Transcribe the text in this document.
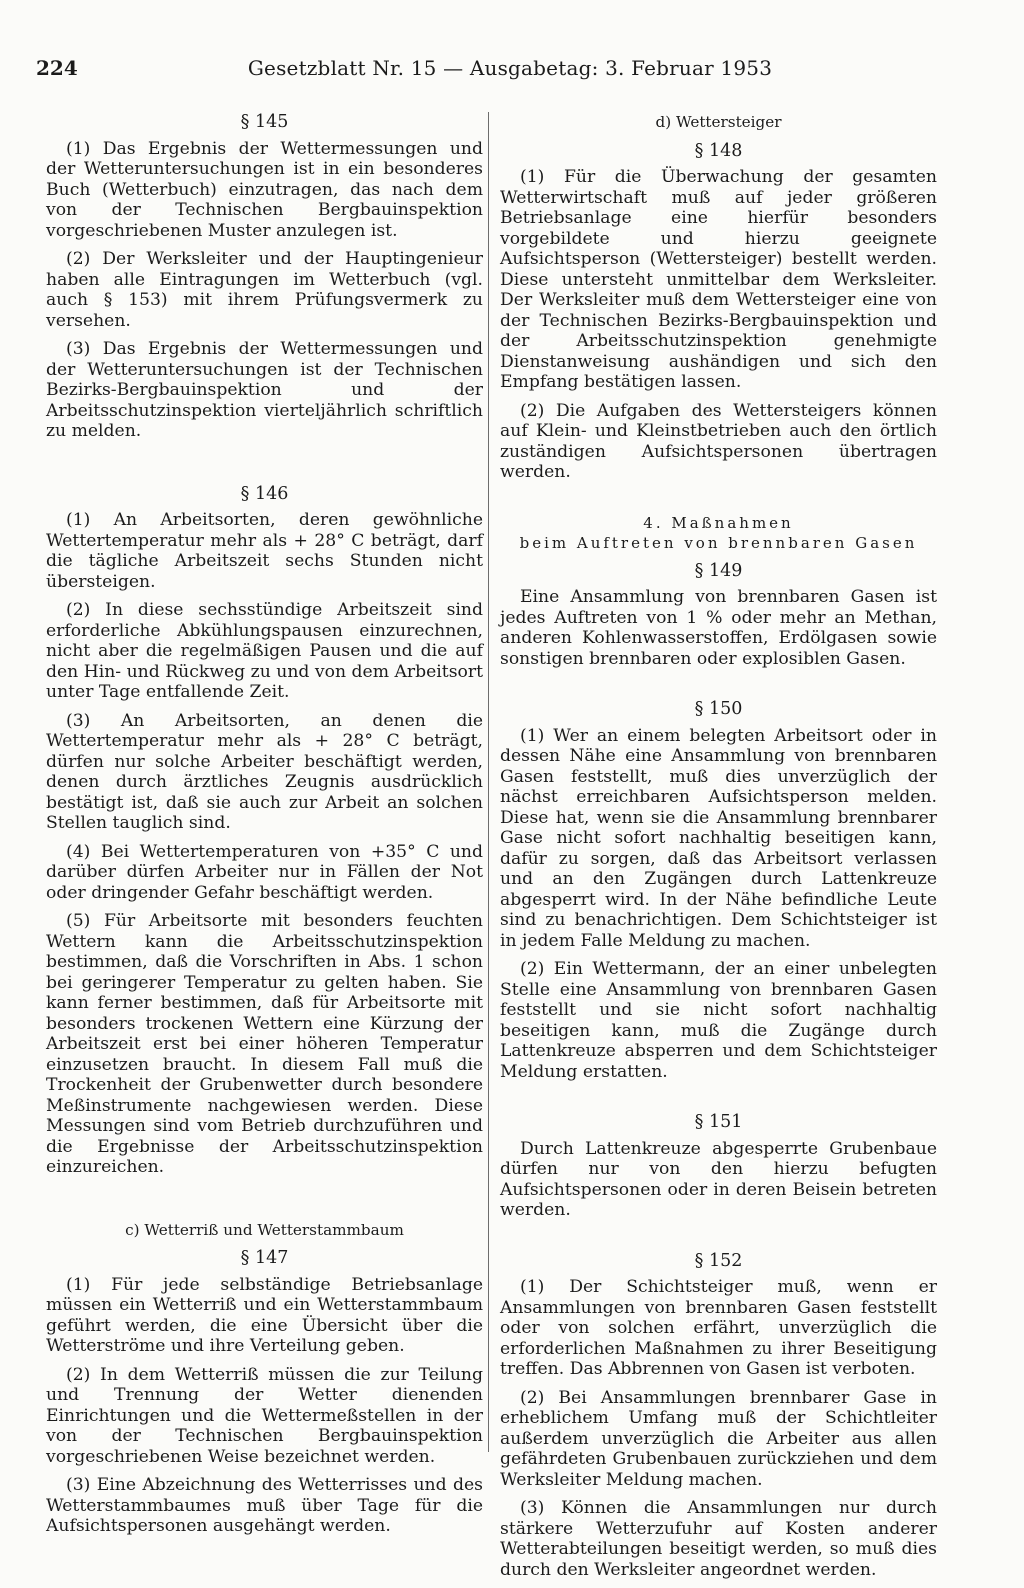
224	Gesetzblatt Nr. 15 — Ausgabetag: 3. Februar 1953
§ 145

(1) Das Ergebnis der Wettermessungen und der Wetteruntersuchungen ist in ein besonderes Buch (Wetterbuch) einzutragen, das nach dem von der Technischen Bergbauinspektion vorgeschriebenen Muster anzulegen ist.

(2) Der Werksleiter und der Hauptingenieur haben alle Eintragungen im Wetterbuch (vgl. auch § 153) mit ihrem Prüfungsvermerk zu versehen.

(3) Das Ergebnis der Wettermessungen und der Wetteruntersuchungen ist der Technischen Bezirks-Bergbauinspektion und der Arbeitsschutzinspektion vierteljährlich schriftlich zu melden.

§ 146

(1) An Arbeitsorten, deren gewöhnliche Wettertemperatur mehr als + 28° C beträgt, darf die tägliche Arbeitszeit sechs Stunden nicht übersteigen.

(2) In diese sechsstündige Arbeitszeit sind erforderliche Abkühlungspausen einzurechnen, nicht aber die regelmäßigen Pausen und die auf den Hin- und Rückweg zu und von dem Arbeitsort unter Tage entfallende Zeit.

(3) An Arbeitsorten, an denen die Wettertemperatur mehr als + 28° C beträgt, dürfen nur solche Arbeiter beschäftigt werden, denen durch ärztliches Zeugnis ausdrücklich bestätigt ist, daß sie auch zur Arbeit an solchen Stellen tauglich sind.

(4) Bei Wettertemperaturen von +35° C und darüber dürfen Arbeiter nur in Fällen der Not oder dringender Gefahr beschäftigt werden.

(5) Für Arbeitsorte mit besonders feuchten Wettern kann die Arbeitsschutzinspektion bestimmen, daß die Vorschriften in Abs. 1 schon bei geringerer Temperatur zu gelten haben. Sie kann ferner bestimmen, daß für Arbeitsorte mit besonders trockenen Wettern eine Kürzung der Arbeitszeit erst bei einer höheren Temperatur einzusetzen braucht. In diesem Fall muß die Trockenheit der Grubenwetter durch besondere Meßinstrumente nachgewiesen werden. Diese Messungen sind vom Betrieb durchzuführen und die Ergebnisse der Arbeitsschutzinspektion einzureichen.

c) Wetterriß und Wetterstammbaum
§ 147

(1) Für jede selbständige Betriebsanlage müssen ein Wetterriß und ein Wetterstammbaum geführt werden, die eine Übersicht über die Wetterströme und ihre Verteilung geben.

(2) In dem Wetterriß müssen die zur Teilung und Trennung der Wetter dienenden Einrichtungen und die Wettermeßstellen in der von der Technischen Bergbauinspektion vorgeschriebenen Weise bezeichnet werden.

(3) Eine Abzeichnung des Wetterrisses und des Wetterstammbaumes muß über Tage für die Aufsichtspersonen ausgehängt werden.

d) Wettersteiger
§ 148

(1) Für die Überwachung der gesamten Wetterwirtschaft muß auf jeder größeren Betriebsanlage eine hierfür besonders vorgebildete und hierzu geeignete Aufsichtsperson (Wettersteiger) bestellt werden. Diese untersteht unmittelbar dem Werksleiter. Der Werksleiter muß dem Wettersteiger eine von der Technischen Bezirks-Bergbauinspektion und der Arbeitsschutzinspektion genehmigte Dienstanweisung aushändigen und sich den Empfang bestätigen lassen.

(2) Die Aufgaben des Wettersteigers können auf Klein- und Kleinstbetrieben auch den örtlich zuständigen Aufsichtspersonen übertragen werden.

4. Maßnahmen
beim Auftreten von brennbaren Gasen
§ 149

Eine Ansammlung von brennbaren Gasen ist jedes Auftreten von 1 % oder mehr an Methan, anderen Kohlenwasserstoffen, Erdölgasen sowie sonstigen brennbaren oder explosiblen Gasen.

§ 150

(1) Wer an einem belegten Arbeitsort oder in dessen Nähe eine Ansammlung von brennbaren Gasen feststellt, muß dies unverzüglich der nächst erreichbaren Aufsichtsperson melden. Diese hat, wenn sie die Ansammlung brennbarer Gase nicht sofort nachhaltig beseitigen kann, dafür zu sorgen, daß das Arbeitsort verlassen und an den Zugängen durch Lattenkreuze abgesperrt wird. In der Nähe befindliche Leute sind zu benachrichtigen. Dem Schichtsteiger ist in jedem Falle Meldung zu machen.

(2) Ein Wettermann, der an einer unbelegten Stelle eine Ansammlung von brennbaren Gasen feststellt und sie nicht sofort nachhaltig beseitigen kann, muß die Zugänge durch Lattenkreuze absperren und dem Schichtsteiger Meldung erstatten.

§ 151

Durch Lattenkreuze abgesperrte Grubenbaue dürfen nur von den hierzu befugten Aufsichtspersonen oder in deren Beisein betreten werden.

§ 152

(1) Der Schichtsteiger muß, wenn er Ansammlungen von brennbaren Gasen feststellt oder von solchen erfährt, unverzüglich die erforderlichen Maßnahmen zu ihrer Beseitigung treffen. Das Abbrennen von Gasen ist verboten.

(2) Bei Ansammlungen brennbarer Gase in erheblichem Umfang muß der Schichtleiter außerdem unverzüglich die Arbeiter aus allen gefährdeten Grubenbauen zurückziehen und dem Werksleiter Meldung machen.

(3) Können die Ansammlungen nur durch stärkere Wetterzufuhr auf Kosten anderer Wetterabteilungen beseitigt werden, so muß dies durch den Werksleiter angeordnet werden.
